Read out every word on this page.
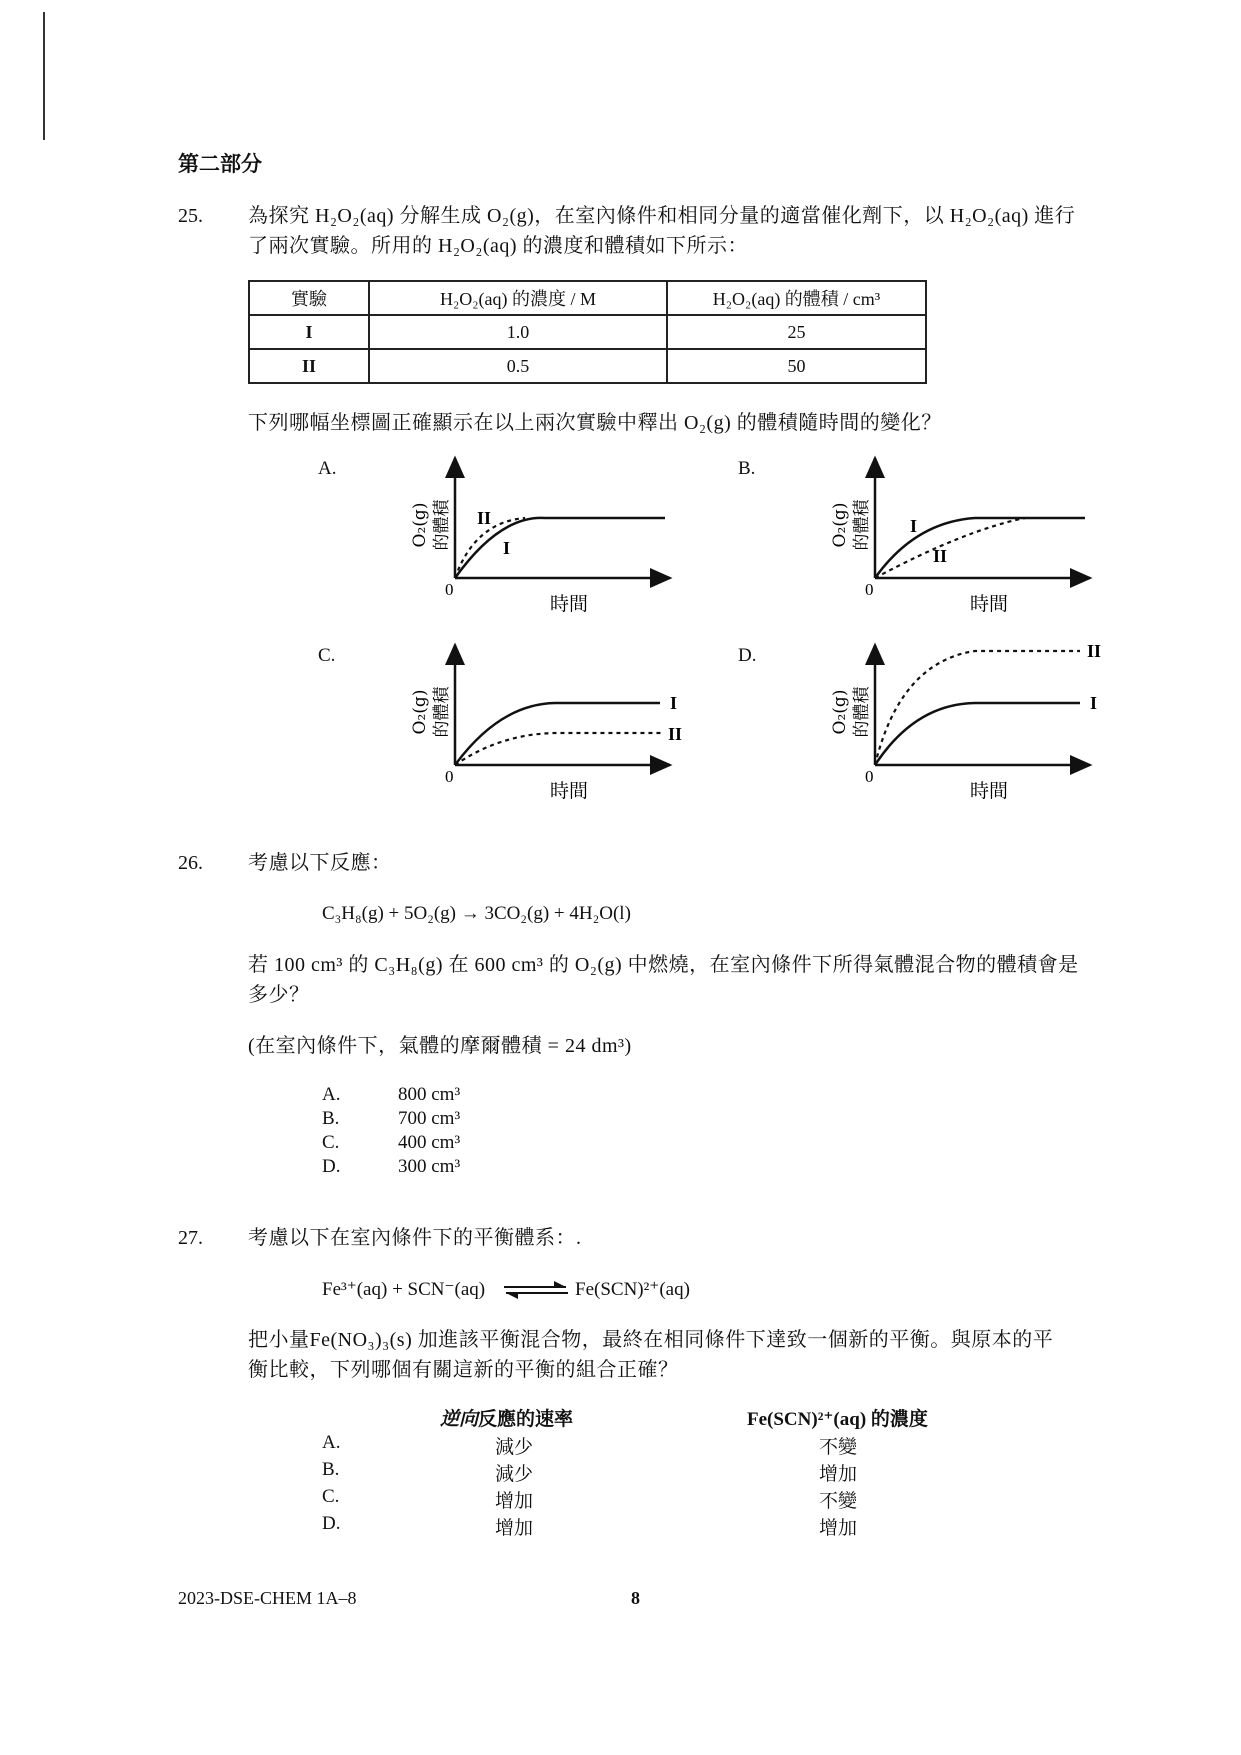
第二部分
25. 為探究 H₂O₂(aq) 分解生成 O₂(g)，在室內條件和相同分量的適當催化劑下，以 H₂O₂(aq) 進行
了兩次實驗。所用的 H₂O₂(aq) 的濃度和體積如下所示：
實驗	H₂O₂(aq) 的濃度 / M	H₂O₂(aq) 的體積 / cm³
I	1.0	25
II	0.5	50
下列哪幅坐標圖正確顯示在以上兩次實驗中釋出 O₂(g) 的體積隨時間的變化？
A.	B.
C.	D.
II
I
0
時間
O₂(g) 的體積	I
II
0
時間
O₂(g) 的體積
I
II
0
時間
O₂(g) 的體積
II
I
0
時間
O₂(g) 的體積
26. 考慮以下反應：
C₃H₈(g) + 5O₂(g) → 3CO₂(g) + 4H₂O(l)
若 100 cm³ 的 C₃H₈(g) 在 600 cm³ 的 O₂(g) 中燃燒，在室內條件下所得氣體混合物的體積會是
多少？
(在室內條件下，氣體的摩爾體積 = 24 dm³)
A.	800 cm³
B.	700 cm³
C.	400 cm³
D.	300 cm³
27. 考慮以下在室內條件下的平衡體系：.
Fe³⁺(aq) + SCN⁻(aq)	Fe(SCN)²⁺(aq)
把小量Fe(NO₃)₃(s) 加進該平衡混合物，最終在相同條件下達致一個新的平衡。與原本的平
衡比較，下列哪個有關這新的平衡的組合正確？
逆向反應的速率	Fe(SCN)²⁺(aq) 的濃度
A.	減少	不變
B.	減少	增加
C.	增加	不變
D.	增加	增加
2023-DSE-CHEM 1A–8	8
